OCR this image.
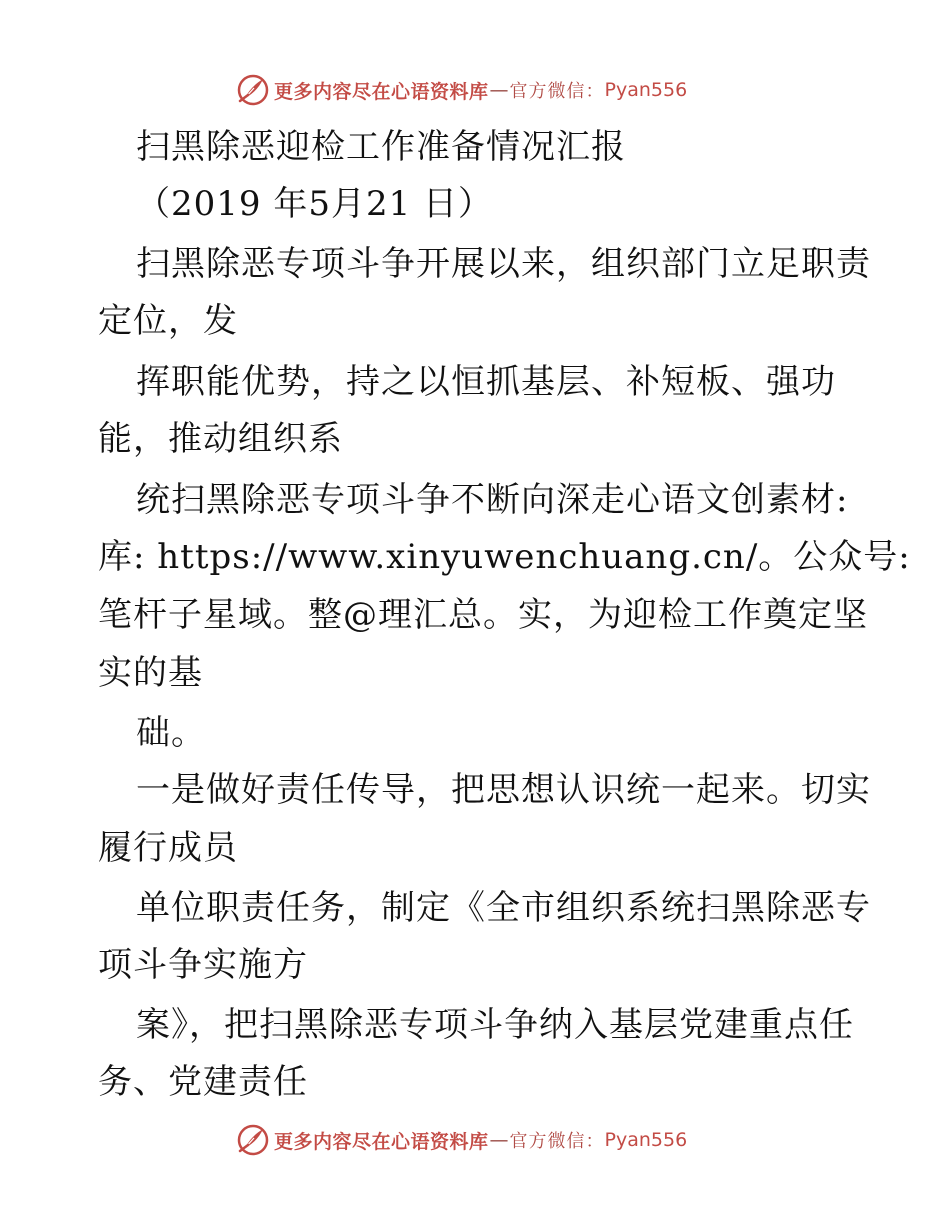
更多内容尽在心语资料库 — 官方微信： Pyan556
扫黑除恶迎检工作准备情况汇报
（2019 年5月21 日）
扫黑除恶专项斗争开展以来，组织部门立足职责
定位，发
挥职能优势，持之以恒抓基层、补短板、强功
能，推动组织系
统扫黑除恶专项斗争不断向深走心语文创素材:
库: https://www.xinyuwenchuang.cn/。公众号:
笔杆子星域。整@理汇总。实，为迎检工作奠定坚
实的基
础。
一是做好责任传导，把思想认识统一起来。切实
履行成员
单位职责任务，制定《全市组织系统扫黑除恶专
项斗争实施方
案》，把扫黑除恶专项斗争纳入基层党建重点任
务、党建责任
更多内容尽在心语资料库 — 官方微信： Pyan556
